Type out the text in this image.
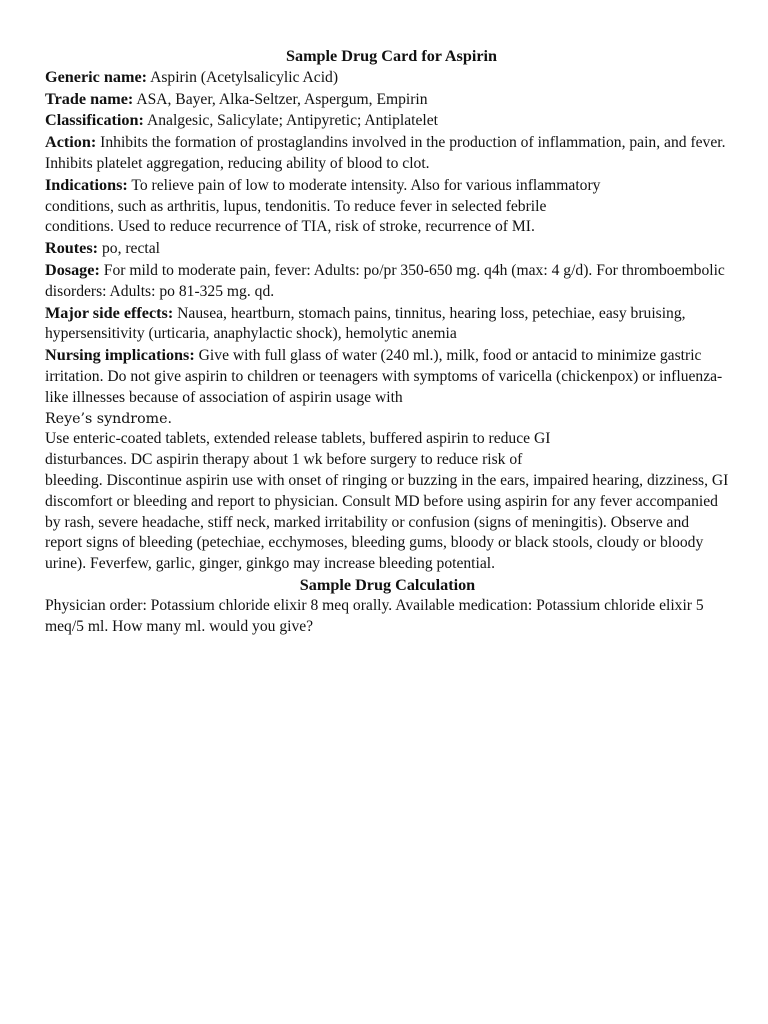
Sample Drug Card for Aspirin

Generic name: Aspirin (Acetylsalicylic Acid)

Trade name: ASA, Bayer, Alka-Seltzer, Aspergum, Empirin

Classification: Analgesic, Salicylate; Antipyretic; Antiplatelet

Action: Inhibits the formation of prostaglandins involved in the production of inflammation, pain, and fever. Inhibits platelet aggregation, reducing ability of blood to clot.

Indications: To relieve pain of low to moderate intensity. Also for various inflammatory
conditions, such as arthritis, lupus, tendonitis. To reduce fever in selected febrile
conditions. Used to reduce recurrence of TIA, risk of stroke, recurrence of MI.

Routes: po, rectal

Dosage: For mild to moderate pain, fever: Adults: po/pr 350-650 mg. q4h (max: 4 g/d). For thromboembolic disorders: Adults: po 81-325 mg. qd.

Major side effects: Nausea, heartburn, stomach pains, tinnitus, hearing loss, petechiae, easy bruising, hypersensitivity (urticaria, anaphylactic shock), hemolytic anemia

Nursing implications: Give with full glass of water (240 ml.), milk, food or antacid to minimize gastric irritation. Do not give aspirin to children or teenagers with symptoms of varicella (chickenpox) or influenza-like illnesses because of association of aspirin usage with
Reye’s syndrome.
Use enteric-coated tablets, extended release tablets, buffered aspirin to reduce GI
disturbances. DC aspirin therapy about 1 wk before surgery to reduce risk of
bleeding. Discontinue aspirin use with onset of ringing or buzzing in the ears, impaired hearing, dizziness, GI discomfort or bleeding and report to physician. Consult MD before using aspirin for any fever accompanied by rash, severe headache, stiff neck, marked irritability or confusion (signs of meningitis). Observe and report signs of bleeding (petechiae, ecchymoses, bleeding gums, bloody or black stools, cloudy or bloody urine). Feverfew, garlic, ginger, ginkgo may increase bleeding potential.

Sample Drug Calculation

Physician order: Potassium chloride elixir 8 meq orally. Available medication: Potassium chloride elixir 5 meq/5 ml. How many ml. would you give?
